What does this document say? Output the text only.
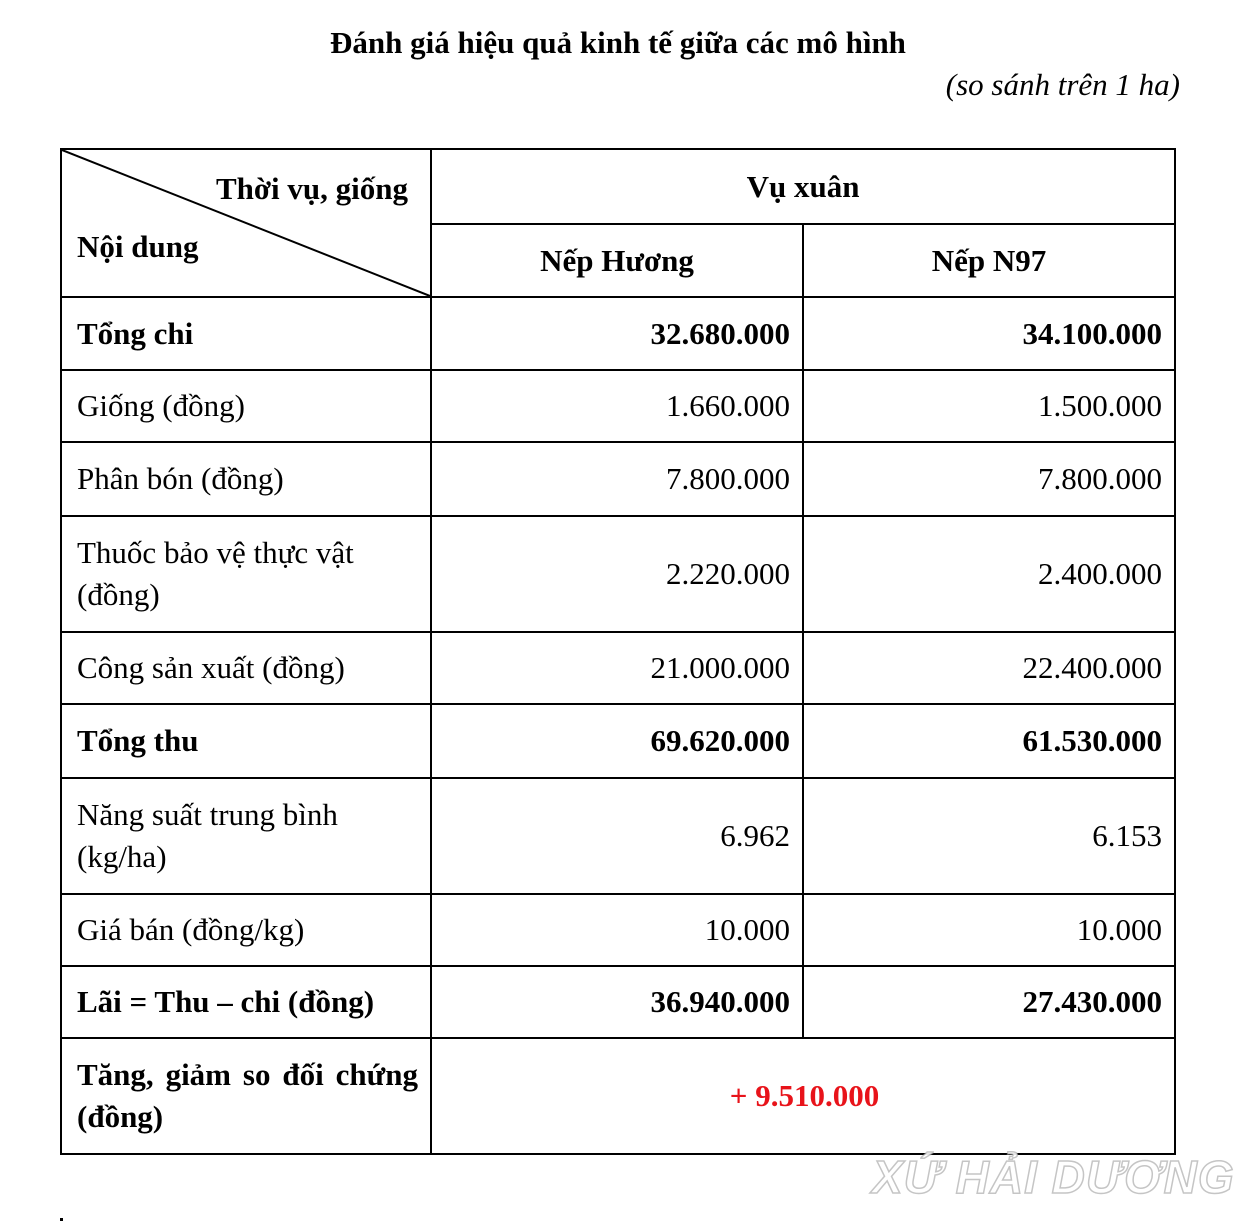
Đánh giá hiệu quả kinh tế giữa các mô hình
(so sánh trên 1 ha)
Thời vụ, giống
Nội dung	Vụ xuân	
	Nếp Hương	Nếp N97
Tổng chi	32.680.000	34.100.000
Giống (đồng)	1.660.000	1.500.000
Phân bón (đồng)	7.800.000	7.800.000
Thuốc bảo vệ thực vật (đồng)	2.220.000	2.400.000
Công sản xuất (đồng)	21.000.000	22.400.000
Tổng thu	69.620.000	61.530.000
Năng suất trung bình (kg/ha)	6.962	6.153
Giá bán (đồng/kg)	10.000	10.000
Lãi = Thu – chi (đồng)	36.940.000	27.430.000
Tăng, giảm so đối chứng (đồng)	+ 9.510.000	
XỨ HẢI DƯƠNG
